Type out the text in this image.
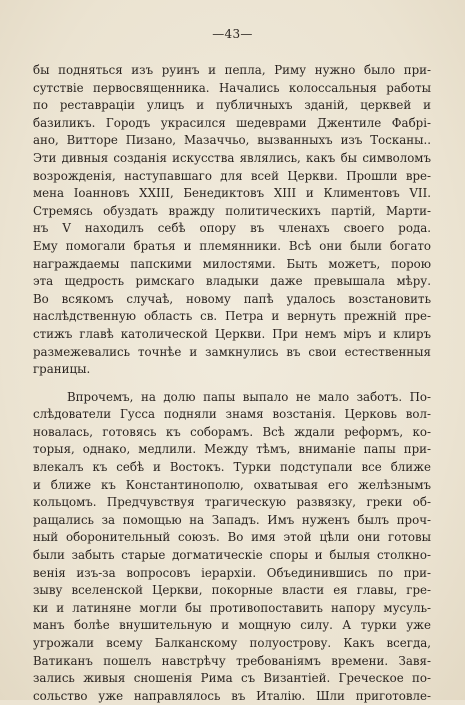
—43—
бы подняться изъ руинъ и пепла, Риму нужно было при-
сутствіе первосвященника. Начались колоссальныя работы
по реставраціи улицъ и публичныхъ зданій, церквей и
базиликъ. Городъ украсился шедеврами Джентиле Фабрі-
ано, Витторе Пизано, Мазаччьо, вызванныхъ изъ Тосканы..
Эти дивныя созданія искусства являлись, какъ бы символомъ
возрожденія, наступавшаго для всей Церкви. Прошли вре-
мена Іоанновъ XXIII, Бенедиктовъ XIII и Климентовъ VII.
Стремясь обуздать вражду политическихъ партій, Марти-
нъ V находилъ себѣ опору въ членахъ своего рода.
Ему помогали братья и племянники. Всѣ они были богато
награждаемы папскими милостями. Быть можетъ, порою
эта щедрость римскаго владыки даже превышала мѣру.
Во всякомъ случаѣ, новому папѣ удалось возстановить
наслѣдственную область св. Петра и вернуть прежній пре-
стижъ главѣ католической Церкви. При немъ міръ и клиръ
размежевались точнѣе и замкнулись въ свои естественныя
границы.
Впрочемъ, на долю папы выпало не мало заботъ. По-
слѣдователи Гусса подняли знамя возстанія. Церковь вол-
новалась, готовясь къ соборамъ. Всѣ ждали реформъ, ко-
торыя, однако, медлили. Между тѣмъ, вниманіе папы при-
влекалъ къ себѣ и Востокъ. Турки подступали все ближе
и ближе къ Константинополю, охватывая его желѣзнымъ
кольцомъ. Предчувствуя трагическую развязку, греки об-
ращались за помощью на Западъ. Имъ нуженъ былъ проч-
ный оборонительный союзъ. Во имя этой цѣли они готовы
были забыть старые догматическіе споры и былыя столкно-
венія изъ-за вопросовъ іерархіи. Объединившись по при-
зыву вселенской Церкви, покорные власти ея главы, гре-
ки и латиняне могли бы противопоставить напору мусуль-
манъ болѣе внушительную и мощную силу. А турки уже
угрожали всему Балканскому полуострову. Какъ всегда,
Ватиканъ пошелъ навстрѣчу требованіямъ времени. Завя-
зались живыя сношенія Рима съ Византіей. Греческое по-
сольство уже направлялось въ Италію. Шли приготовле-
